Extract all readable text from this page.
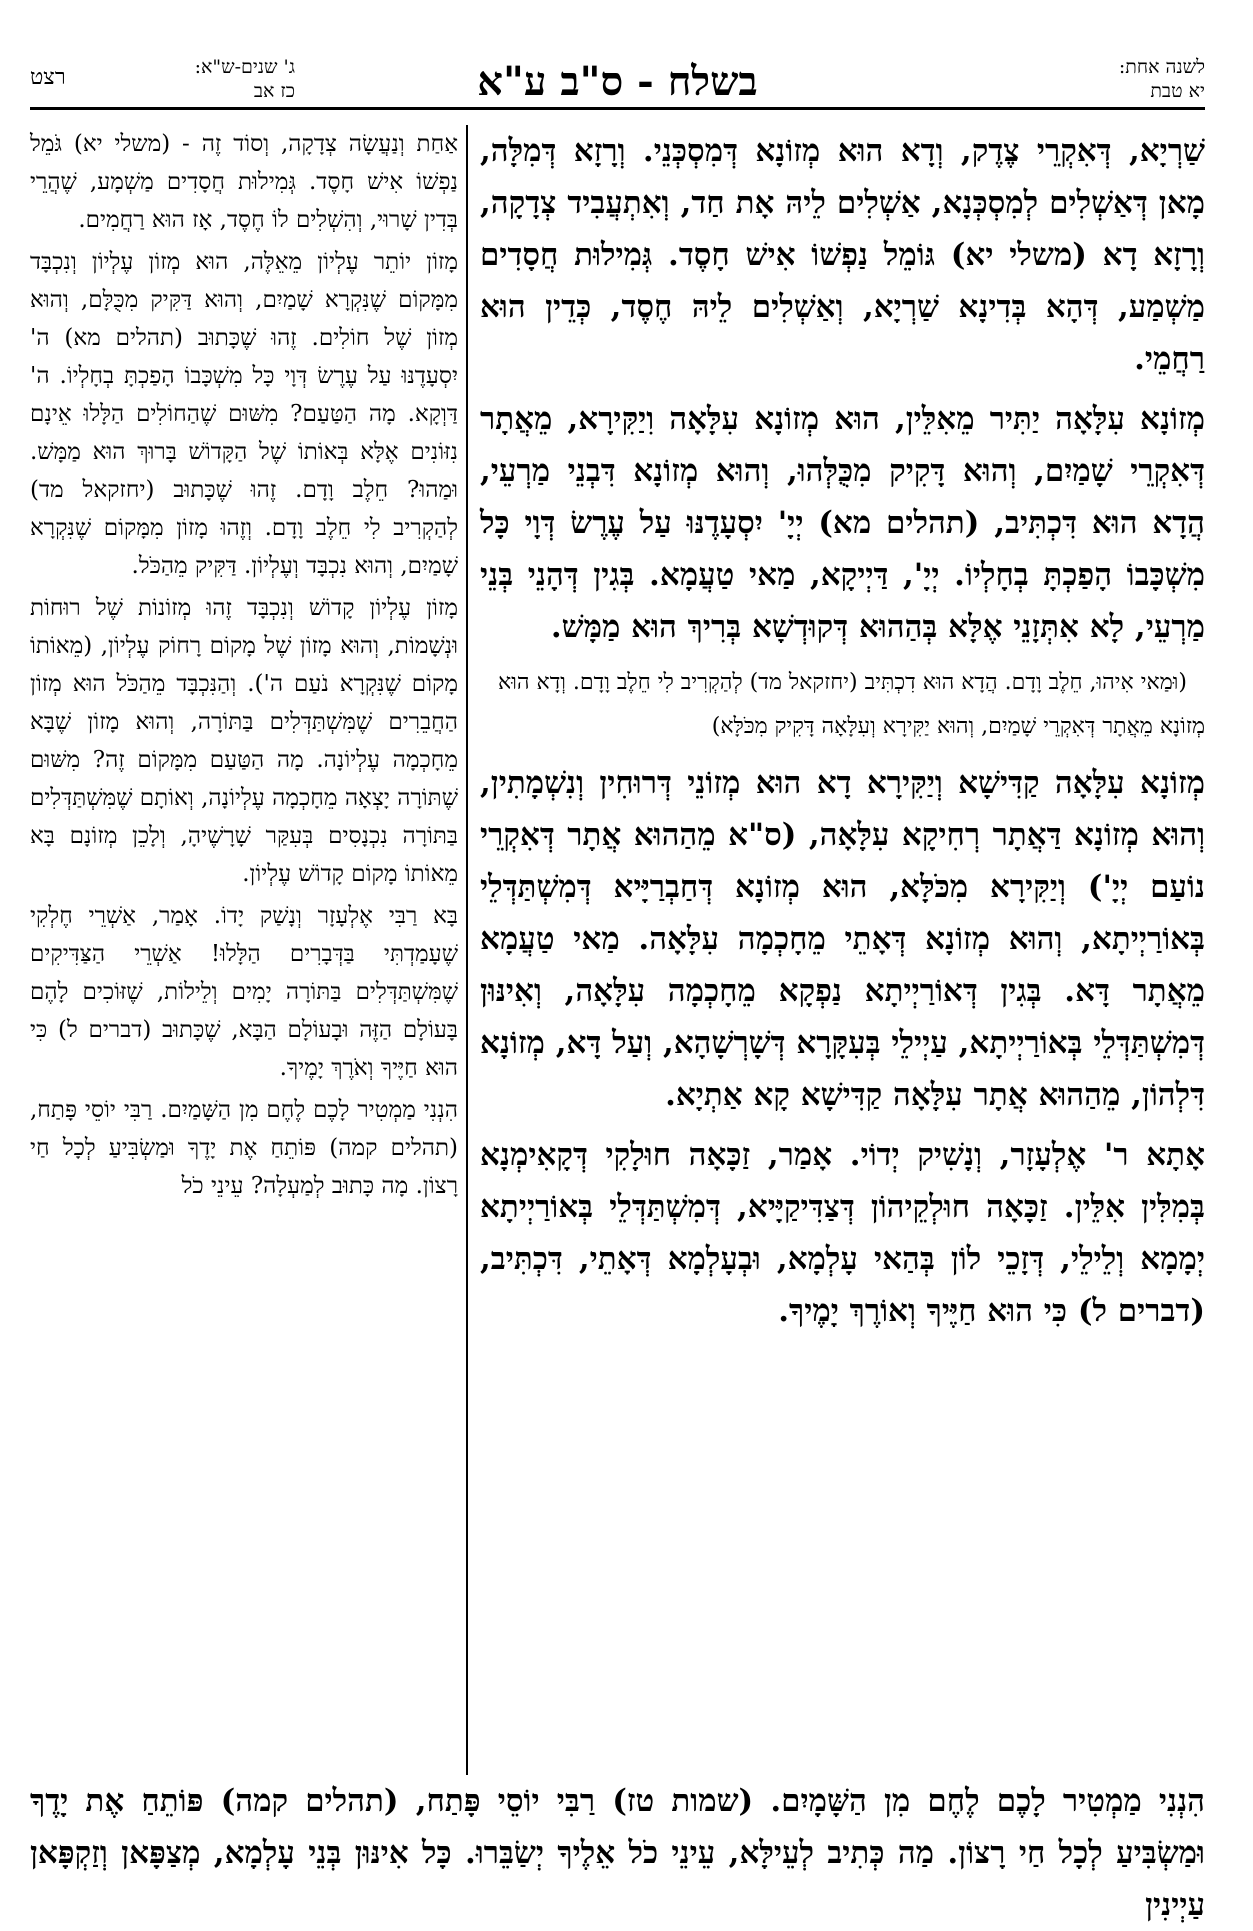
לשנה אחת:
יא טבת
בשלח - ס"ב ע"א
ג' שנים-ש"א:
כז אב
רצט

שַׁרְיָא, דְּאִקְרֵי צֶדֶק, וְדָא הוּא מְזוֹנָא דְּמִסְכְּנֵי. וְרָזָא דְּמִלָּה, מָאן דְּאַשְׁלִים לְמִסְכְּנָא, אַשְׁלִים לֵיהּ אָת חַד, וְאִתְעֲבִיד צְדָקָה, וְרָזָא דָא (משלי יא) גּוֹמֵל נַפְשׁוֹ אִישׁ חָסֶד. גְּמִילוּת חֲסָדִים מַשְׁמַע, דְּהָא בְּדִינָא שַׁרְיָא, וְאַשְׁלִים לֵיהּ חֶסֶד, כְּדֵין הוּא רַחֲמֵי.

מְזוֹנָא עִלָּאָה יַתִּיר מֵאִלֵּין, הוּא מְזוֹנָא עִלָּאָה וִיַקִּירָא, מֵאֲתָר דְּאִקְרֵי שָׁמַיִם, וְהוּא דָּקִיק מִכֻּלְּהוּ, וְהוּא מְזוֹנָא דִּבְנֵי מַרְעֵי, הֲדָא הוּא דִּכְתִּיב, (תהלים מא) יְיָ' יִסְעָדֶנּוּ עַל עֶרֶשׂ דְּוָי כָּל מִשְׁכָּבוֹ הָפַכְתָּ בְחָלְיוֹ. יְיָ', דַּיְיקָא, מַאי טַעֲמָא. בְּגִין דְּהָנֵי בְּנֵי מַרְעֵי, לָא אִתְּזָנֵי אֶלָּא בְּהַהוּא דְּקוּדְשָׁא בְּרִיךְ הוּא מַמָּשׁ.

(וּמַאי אִיהוּ, חֵלֶב וָדָם. הֲדָא הוּא דִכְתִּיב (יחזקאל מד) לְהַקְרִיב לִי חֵלֶב וָדָם. וְדָא הוּא מְזוֹנָא מֵאֲתָר דְּאִקְרֵי שָׁמַיִם, וְהוּא יַקִּירָא וְעִלָּאָה דָּקִיק מִכֹּלָּא)

מְזוֹנָא עִלָּאָה קַדִּישָׁא וְיַקִּירָא דָא הוּא מְזוֹנֵי דְּרוּחִין וְנִשְׁמָתִין, וְהוּא מְזוֹנָא דַּאֲתָר רְחִיקָא עִלָּאָה, (ס"א מֵהַהוּא אֲתָר דְּאִקְרֵי נוֹעַם יְיָ') וְיַקִּירָא מִכֹּלָּא, הוּא מְזוֹנָא דְּחַבְרַיָּיא דְּמִשְׁתַּדְּלֵי בְּאוֹרַיְיתָא, וְהוּא מְזוֹנָא דְּאָתֵי מֵחָכְמָה עִלָּאָה. מַאי טַעֲמָא מֵאֲתָר דָּא. בְּגִין דְּאוֹרַיְיתָא נַפְקָא מֵחָכְמָה עִלָּאָה, וְאִינּוּן דְּמִשְׁתַּדְּלֵי בְּאוֹרַיְיתָא, עַיְילֵי בְּעִקָּרָא דְּשָׁרְשָׁהָא, וְעַל דָּא, מְזוֹנָא דִּלְהוֹן, מֵהַהוּא אֲתָר עִלָּאָה קַדִּישָׁא קָא אַתְיָא.

אָתָא ר' אֶלְעָזָר, וְנָשִׁיק יְדוֹי. אָמַר, זַכָּאָה חוּלָקִי דְּקָאִימְנָא בְּמִלִּין אִלֵּין. זַכָּאָה חוּלְקֵיהוֹן דְּצַדִּיקַיָּיא, דְּמִשְׁתַּדְּלֵי בְּאוֹרַיְיתָא יְמָמָא וְלֵילֵי, דְּזָכֵי לוֹן בְּהַאי עָלְמָא, וּבְעָלְמָא דְּאָתֵי, דִּכְתִּיב, (דברים ל) כִּי הוּא חַיֶּיךָ וְאוֹרֶךְ יָמֶיךָ.

אַחַת וְנַעֲשָׂה צְדָקָה, וְסוֹד זֶה - (משלי יא) גֹּמֵל נַפְשׁוֹ אִישׁ חָסֶד. גְּמִילוּת חֲסָדִים מַשְׁמָע, שֶׁהֲרֵי בְּדִין שָׁרוּי, וְהִשְׁלִים לוֹ חֶסֶד, אָז הוּא רַחֲמִים.

מָזוֹן יוֹתֵר עֶלְיוֹן מֵאֵלֶּה, הוּא מְזוֹן עֶלְיוֹן וְנִכְבָּד מִמָּקוֹם שֶׁנִּקְרָא שָׁמַיִם, וְהוּא דַּקִּיק מִכֻּלָּם, וְהוּא מְזוֹן שֶׁל חוֹלִים. זֶהוּ שֶׁכָּתוּב (תהלים מא) ה' יִסְעָדֶנּוּ עַל עֶרֶשׂ דְּוָי כָּל מִשְׁכָּבוֹ הָפַכְתָּ בְחָלְיוֹ. ה' דַּוְקָא. מָה הַטַּעַם? מִשּׁוּם שֶׁהַחוֹלִים הַלָּלוּ אֵינָם נִזּוֹנִים אֶלָּא בְּאוֹתוֹ שֶׁל הַקָּדוֹשׁ בָּרוּךְ הוּא מַמָּשׁ. וּמַהוּ? חֵלֶב וָדָם. זֶהוּ שֶׁכָּתוּב (יחזקאל מד) לְהַקְרִיב לִי חֵלֶב וָדָם. וְזֶהוּ מָזוֹן מִמָּקוֹם שֶׁנִּקְרָא שָׁמַיִם, וְהוּא נִכְבָּד וְעֶלְיוֹן. דַּקִּיק מֵהַכֹּל.

מָזוֹן עֶלְיוֹן קָדוֹשׁ וְנִכְבָּד זֶהוּ מְזוֹנוֹת שֶׁל רוּחוֹת וּנְשָׁמוֹת, וְהוּא מָזוֹן שֶׁל מָקוֹם רָחוֹק עֶלְיוֹן, (מֵאוֹתוֹ מָקוֹם שֶׁנִּקְרָא נֹעַם ה'). וְהַנִּכְבָּד מֵהַכֹּל הוּא מְזוֹן הַחֲבֵרִים שֶׁמִּשְׁתַּדְּלִים בַּתּוֹרָה, וְהוּא מָזוֹן שֶׁבָּא מֵחָכְמָה עֶלְיוֹנָה. מָה הַטַּעַם מִמָּקוֹם זֶה? מִשּׁוּם שֶׁתּוֹרָה יָצְאָה מֵחָכְמָה עֶלְיוֹנָה, וְאוֹתָם שֶׁמִּשְׁתַּדְּלִים בַּתּוֹרָה נִכְנָסִים בְּעִקַּר שָׁרָשֶׁיהָ, וְלָכֵן מְזוֹנָם בָּא מֵאוֹתוֹ מָקוֹם קָדוֹשׁ עֶלְיוֹן.

בָּא רַבִּי אֶלְעָזָר וְנָשַׁק יָדוֹ. אָמַר, אַשְׁרֵי חֶלְקִי שֶׁעָמַדְתִּי בַּדְּבָרִים הַלָּלוּ! אַשְׁרֵי הַצַּדִּיקִים שֶׁמִּשְׁתַּדְּלִים בַּתּוֹרָה יָמִים וְלֵילוֹת, שֶׁזּוֹכִים לָהֶם בָּעוֹלָם הַזֶּה וּבָעוֹלָם הַבָּא, שֶׁכָּתוּב (דברים ל) כִּי הוּא חַיֶּיךָ וְאֹרֶךְ יָמֶיךָ.

הִנְנִי מַמְטִיר לָכֶם לֶחֶם מִן הַשָּׁמַיִם. רַבִּי יוֹסֵי פָּתַח, (תהלים קמה) פּוֹתֵחַ אֶת יָדֶךָ וּמַשְׂבִּיעַ לְכָל חַי רָצוֹן. מָה כָּתוּב לְמַעְלָה? עֵינֵי כֹל

הִנְנִי מַמְטִיר לָכֶם לֶחֶם מִן הַשָּׁמָיִם. (שמות טז) רַבִּי יוֹסֵי פָּתַח, (תהלים קמה) פּוֹתֵחַ אֶת יָדֶךָ וּמַשְׂבִּיעַ לְכָל חַי רָצוֹן. מַה כְּתִיב לְעֵילָּא, עֵינֵי כֹל אֵלֶיךָ יְשַׂבֵּרוּ. כָּל אִינּוּן בְּנֵי עָלְמָא, מְצַפָּאן וְזַקְפָּאן עַיְינִין
